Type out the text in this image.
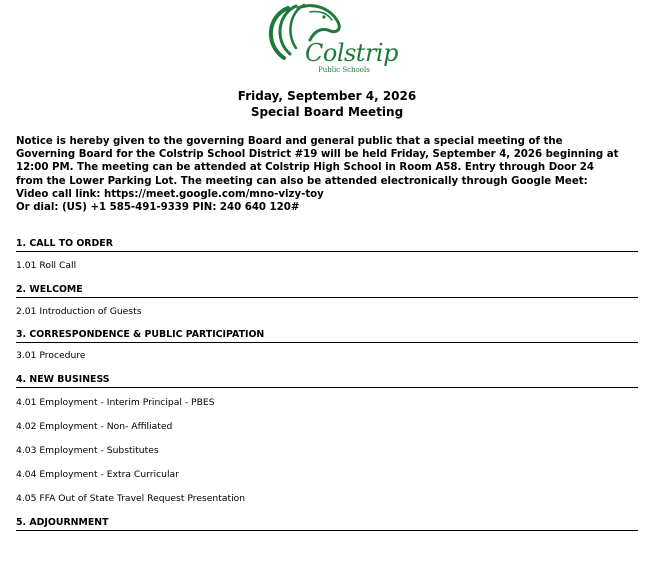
Colstrip
Public Schools
Friday, September 4, 2026
Special Board Meeting
Notice is hereby given to the governing Board and general public that a special meeting of the
Governing Board for the Colstrip School District #19 will be held Friday, September 4, 2026 beginning at
12:00 PM. The meeting can be attended at Colstrip High School in Room A58. Entry through Door 24
from the Lower Parking Lot. The meeting can also be attended electronically through Google Meet:
Video call link: https://meet.google.com/mno-vizy-toy
Or dial: (US) +1 585-491-9339 PIN: 240 640 120#
1. CALL TO ORDER
1.01 Roll Call
2. WELCOME
2.01 Introduction of Guests
3. CORRESPONDENCE & PUBLIC PARTICIPATION
3.01 Procedure
4. NEW BUSINESS
4.01 Employment - Interim Principal - PBES
4.02 Employment - Non- Affiliated
4.03 Employment - Substitutes
4.04 Employment - Extra Curricular
4.05 FFA Out of State Travel Request Presentation
5. ADJOURNMENT
